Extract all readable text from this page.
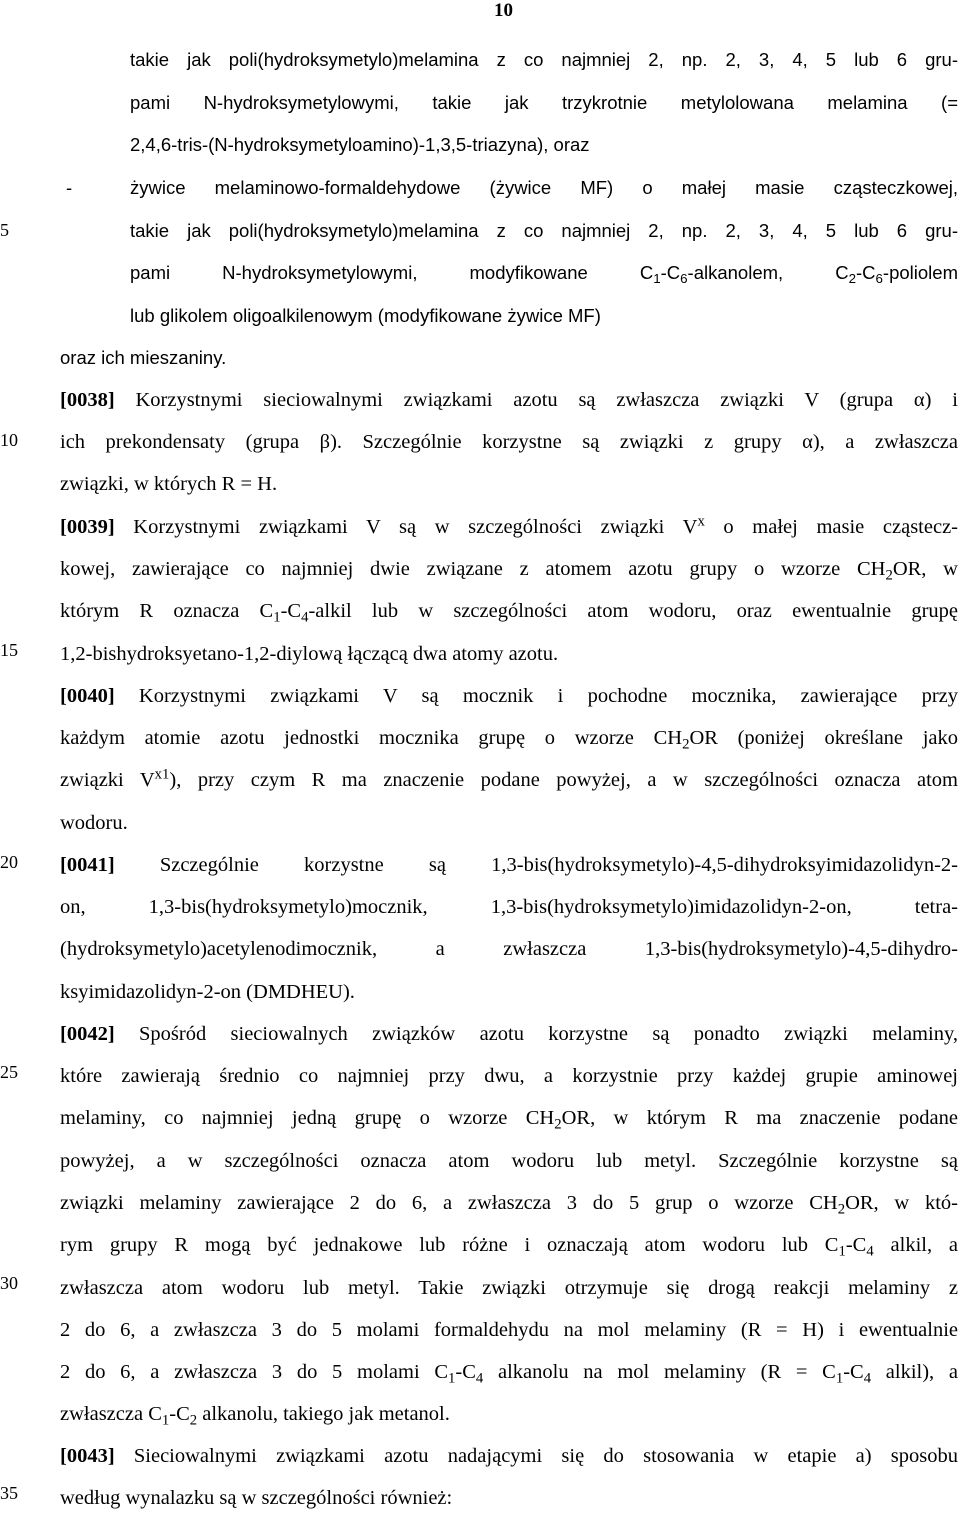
10
5
10
15
20
25
30
35
takie jak poli(hydroksymetylo)melamina z co najmniej 2, np. 2, 3, 4, 5 lub 6 gru-
pami N-hydroksymetylowymi, takie jak trzykrotnie metylolowana melamina (=
2,4,6-tris-(N-hydroksymetyloamino)-1,3,5-triazyna), oraz
-	żywice melaminowo-formaldehydowe (żywice MF) o małej masie cząsteczkowej,
takie jak poli(hydroksymetylo)melamina z co najmniej 2, np. 2, 3, 4, 5 lub 6 gru-
pami N-hydroksymetylowymi, modyfikowane $C_1-C_6$-alkanolem, $C_2-C_6$-poliolem
lub glikolem oligoalkilenowym (modyfikowane żywice MF)
oraz ich mieszaniny.
[0038] Korzystnymi sieciowalnymi związkami azotu są zwłaszcza związki V (grupa α) i
ich prekondensaty (grupa β). Szczególnie korzystne są związki z grupy α), a zwłaszcza
związki, w których R = H.
[0039] Korzystnymi związkami V są w szczególności związki $V^x$ o małej masie cząstecz-
kowej, zawierające co najmniej dwie związane z atomem azotu grupy o wzorze $CH_2OR$, w
którym R oznacza $C_1-C_4$-alkil lub w szczególności atom wodoru, oraz ewentualnie grupę
1,2-bishydroksyetano-1,2-diylową łączącą dwa atomy azotu.
[0040] Korzystnymi związkami V są mocznik i pochodne mocznika, zawierające przy
każdym atomie azotu jednostki mocznika grupę o wzorze $CH_2OR$ (poniżej określane jako
związki $V^{x1}$), przy czym R ma znaczenie podane powyżej, a w szczególności oznacza atom
wodoru.
[0041] Szczególnie korzystne są 1,3-bis(hydroksymetylo)-4,5-dihydroksyimidazolidyn-2-
on, 1,3-bis(hydroksymetylo)mocznik, 1,3-bis(hydroksymetylo)imidazolidyn-2-on, tetra-
(hydroksymetylo)acetylenodimocznik, a zwłaszcza 1,3-bis(hydroksymetylo)-4,5-dihydro-
ksyimidazolidyn-2-on (DMDHEU).
[0042] Spośród sieciowalnych związków azotu korzystne są ponadto związki melaminy,
które zawierają średnio co najmniej przy dwu, a korzystnie przy każdej grupie aminowej
melaminy, co najmniej jedną grupę o wzorze $CH_2OR$, w którym R ma znaczenie podane
powyżej, a w szczególności oznacza atom wodoru lub metyl. Szczególnie korzystne są
związki melaminy zawierające 2 do 6, a zwłaszcza 3 do 5 grup o wzorze $CH_2OR$, w któ-
rym grupy R mogą być jednakowe lub różne i oznaczają atom wodoru lub $C_1-C_4$ alkil, a
zwłaszcza atom wodoru lub metyl. Takie związki otrzymuje się drogą reakcji melaminy z
2 do 6, a zwłaszcza 3 do 5 molami formaldehydu na mol melaminy (R = H) i ewentualnie
2 do 6, a zwłaszcza 3 do 5 molami $C_1-C_4$ alkanolu na mol melaminy ($R = C_1-C_4$ alkil), a
zwłaszcza $C_1-C_2$ alkanolu, takiego jak metanol.
[0043] Sieciowalnymi związkami azotu nadającymi się do stosowania w etapie a) sposobu
według wynalazku są w szczególności również:
